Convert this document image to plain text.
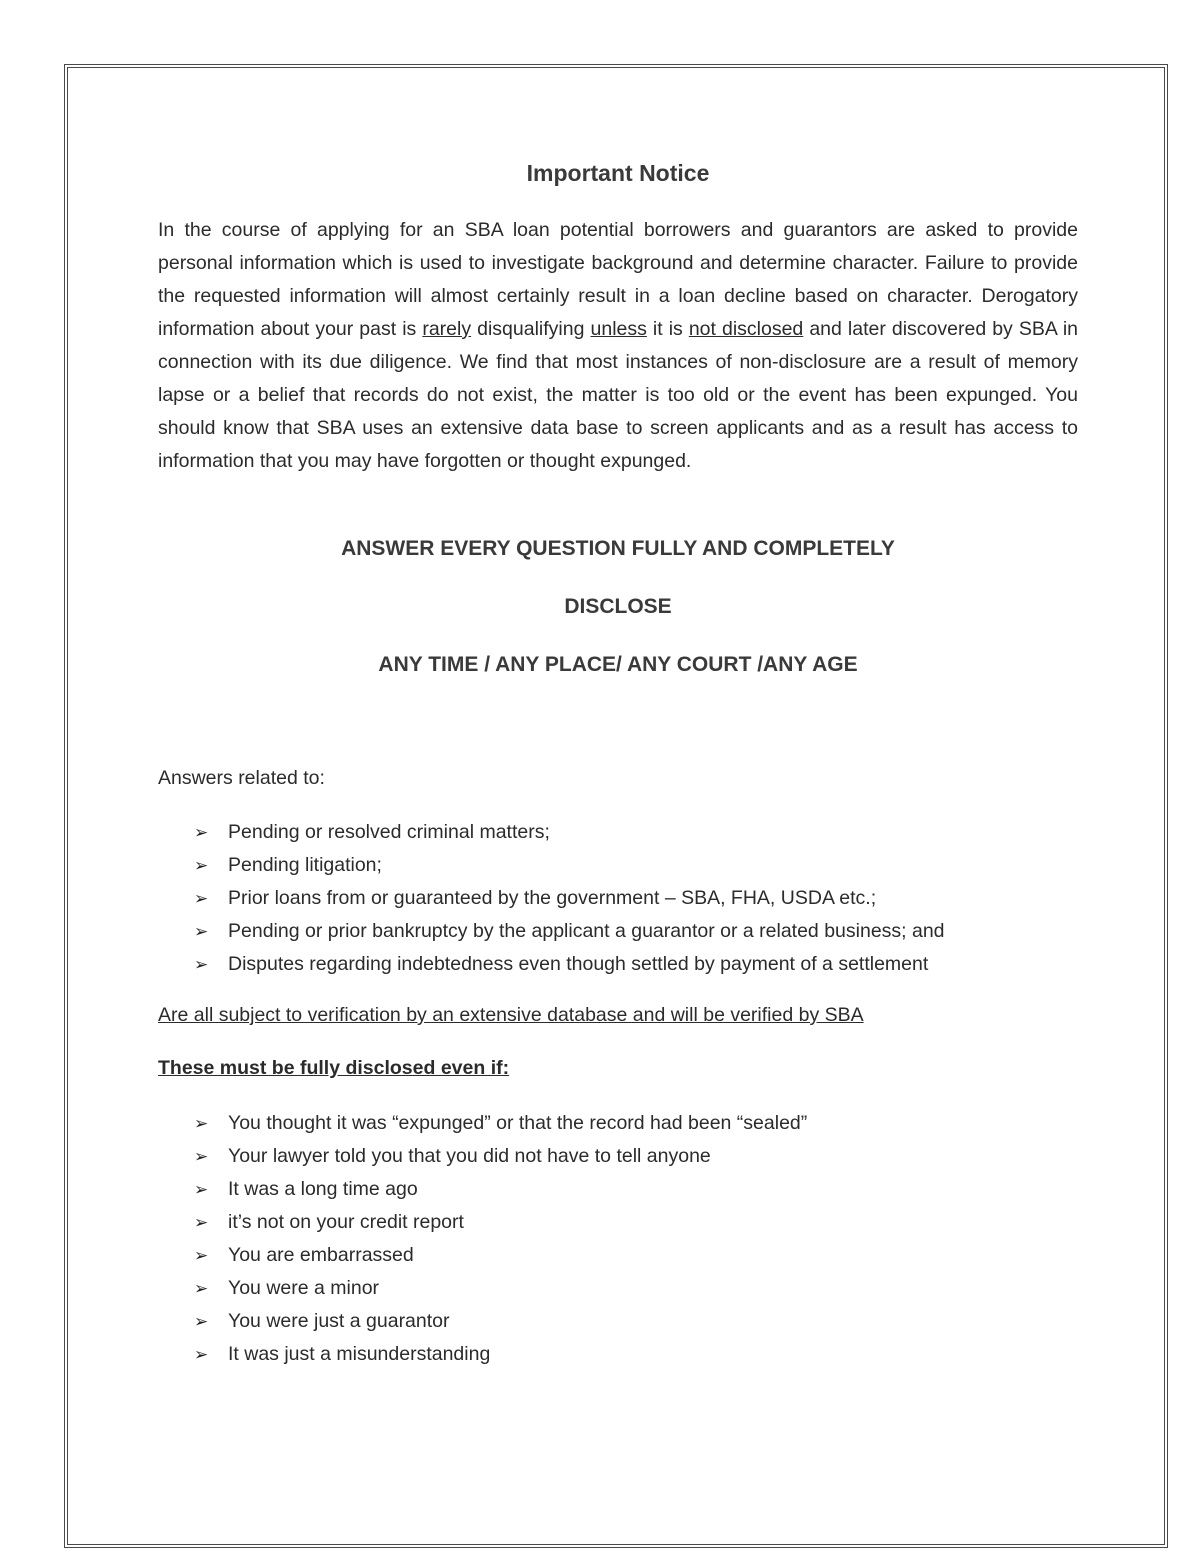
Important Notice

In the course of applying for an SBA loan potential borrowers and guarantors are asked to provide personal information which is used to investigate background and determine character. Failure to provide the requested information will almost certainly result in a loan decline based on character. Derogatory information about your past is rarely disqualifying unless it is not disclosed and later discovered by SBA in connection with its due diligence. We find that most instances of non-disclosure are a result of memory lapse or a belief that records do not exist, the matter is too old or the event has been expunged. You should know that SBA uses an extensive data base to screen applicants and as a result has access to information that you may have forgotten or thought expunged.

ANSWER EVERY QUESTION FULLY AND COMPLETELY
DISCLOSE
ANY TIME / ANY PLACE/ ANY COURT /ANY AGE

Answers related to:

➢ Pending or resolved criminal matters;
➢ Pending litigation;
➢ Prior loans from or guaranteed by the government – SBA, FHA, USDA etc.;
➢ Pending or prior bankruptcy by the applicant a guarantor or a related business; and
➢ Disputes regarding indebtedness even though settled by payment of a settlement

Are all subject to verification by an extensive database and will be verified by SBA

These must be fully disclosed even if:

➢ You thought it was “expunged” or that the record had been “sealed”
➢ Your lawyer told you that you did not have to tell anyone
➢ It was a long time ago
➢ it’s not on your credit report
➢ You are embarrassed
➢ You were a minor
➢ You were just a guarantor
➢ It was just a misunderstanding
